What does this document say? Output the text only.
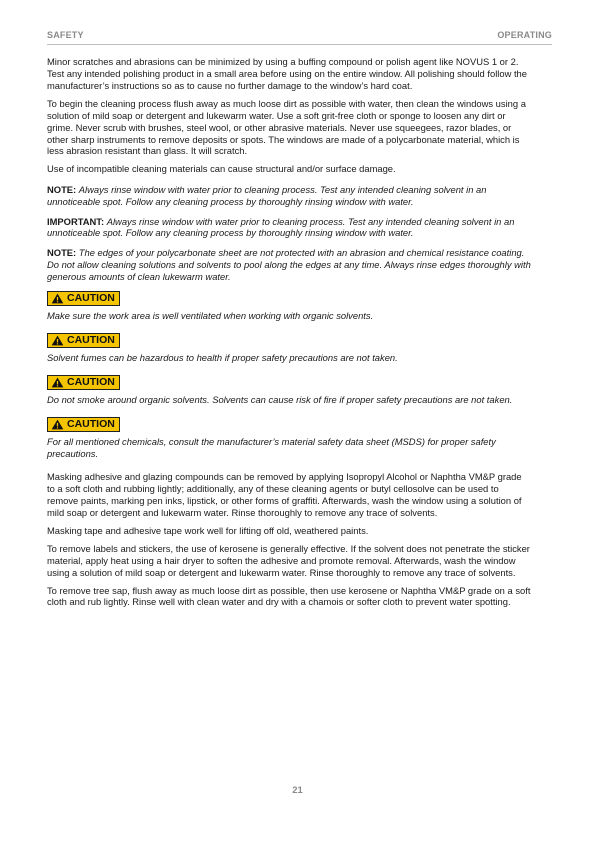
SAFETY	OPERATING

Minor scratches and abrasions can be minimized by using a buffing compound or polish agent like NOVUS 1 or 2. Test any intended polishing product in a small area before using on the entire window. All polishing should follow the manufacturer’s instructions so as to cause no further damage to the window’s hard coat.

To begin the cleaning process flush away as much loose dirt as possible with water, then clean the windows using a solution of mild soap or detergent and lukewarm water. Use a soft grit-free cloth or sponge to loosen any dirt or grime. Never scrub with brushes, steel wool, or other abrasive materials. Never use squeegees, razor blades, or other sharp instruments to remove deposits or spots. The windows are made of a polycarbonate material, which is less abrasion resistant than glass. It will scratch.

Use of incompatible cleaning materials can cause structural and/or surface damage.

NOTE: Always rinse window with water prior to cleaning process. Test any intended cleaning solvent in an unnoticeable spot. Follow any cleaning process by thoroughly rinsing window with water.

IMPORTANT: Always rinse window with water prior to cleaning process. Test any intended cleaning solvent in an unnoticeable spot. Follow any cleaning process by thoroughly rinsing window with water.

NOTE: The edges of your polycarbonate sheet are not protected with an abrasion and chemical resistance coating. Do not allow cleaning solutions and solvents to pool along the edges at any time. Always rinse edges thoroughly with generous amounts of clean lukewarm water.

CAUTION
Make sure the work area is well ventilated when working with organic solvents.
CAUTION
Solvent fumes can be hazardous to health if proper safety precautions are not taken.
CAUTION
Do not smoke around organic solvents. Solvents can cause risk of fire if proper safety precautions are not taken.
CAUTION
For all mentioned chemicals, consult the manufacturer’s material safety data sheet (MSDS) for proper safety precautions.

Masking adhesive and glazing compounds can be removed by applying Isopropyl Alcohol or Naphtha VM&P grade to a soft cloth and rubbing lightly; additionally, any of these cleaning agents or butyl cellosolve can be used to remove paints, marking pen inks, lipstick, or other forms of graffiti. Afterwards, wash the window using a solution of mild soap or detergent and lukewarm water. Rinse thoroughly to remove any trace of solvents.

Masking tape and adhesive tape work well for lifting off old, weathered paints.

To remove labels and stickers, the use of kerosene is generally effective. If the solvent does not penetrate the sticker material, apply heat using a hair dryer to soften the adhesive and promote removal. Afterwards, wash the window using a solution of mild soap or detergent and lukewarm water. Rinse thoroughly to remove any trace of solvents.

To remove tree sap, flush away as much loose dirt as possible, then use kerosene or Naphtha VM&P grade on a soft cloth and rub lightly. Rinse well with clean water and dry with a chamois or softer cloth to prevent water spotting.

21
